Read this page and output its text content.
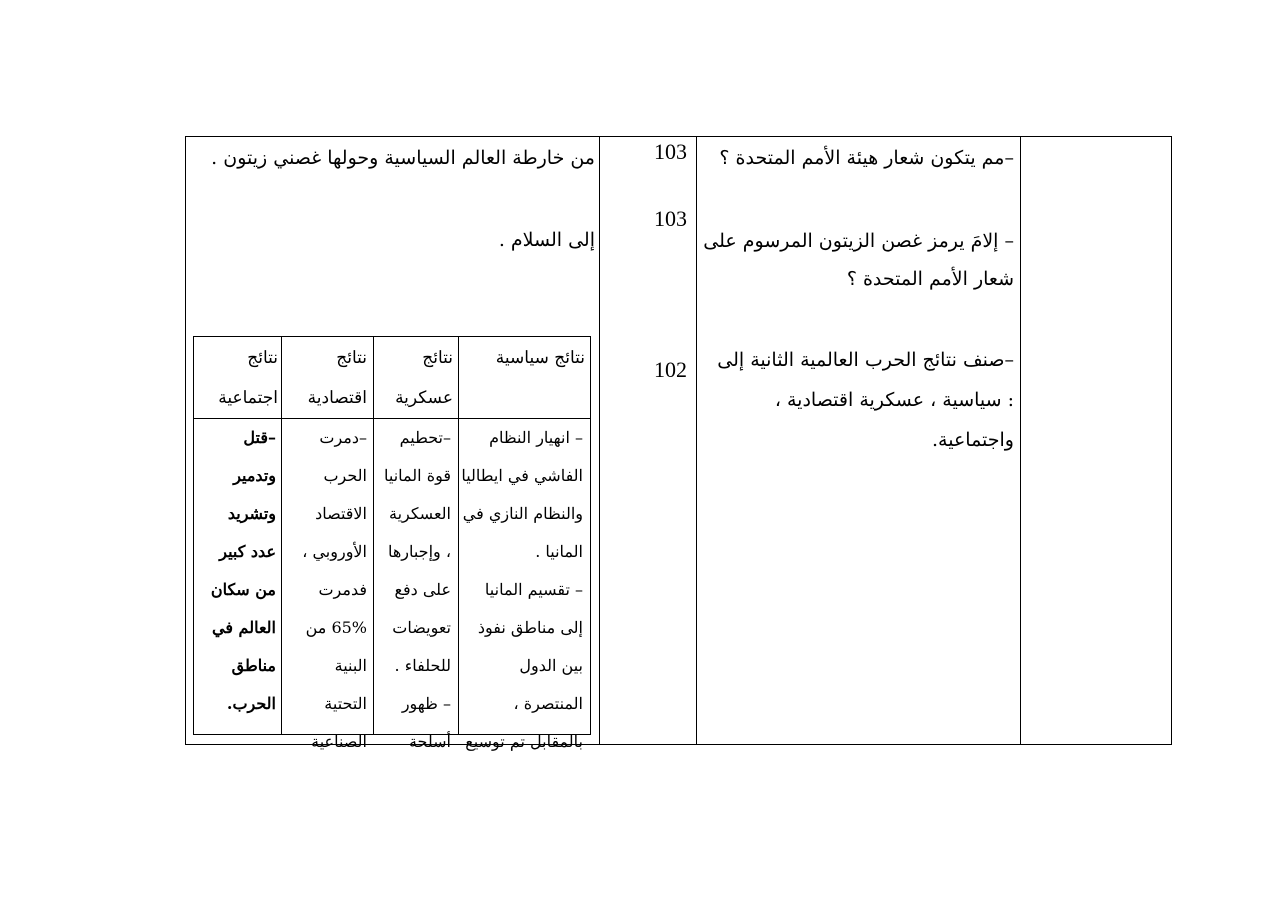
–مم يتكون شعار هيئة الأمم المتحدة ؟
– إلامَ يرمز غصن الزيتون المرسوم على
شعار الأمم المتحدة ؟
–صنف نتائج الحرب العالمية الثانية إلى
: سياسية ، عسكرية اقتصادية ،
واجتماعية.
103
103
102
من خارطة العالم السياسية وحولها غصني زيتون .
إلى السلام .
نتائج سياسية
نتائج
عسكرية
نتائج
اقتصادية
نتائج
اجتماعية
– انهيار النظام
الفاشي في ايطاليا
والنظام النازي في
المانيا .
– تقسيم المانيا
إلى مناطق نفوذ
بين الدول
المنتصرة ،
بالمقابل تم توسيع
–تحطيم
قوة المانيا
العسكرية
، وإجبارها
على دفع
تعويضات
للحلفاء .
– ظهور
أسلحة
–دمرت
الحرب
الاقتصاد
الأوروبي ،
فدمرت
65% من
البنية
التحتية
الصناعية
–قتل
وتدمير
وتشريد
عدد كبير
من سكان
العالم في
مناطق
الحرب.
